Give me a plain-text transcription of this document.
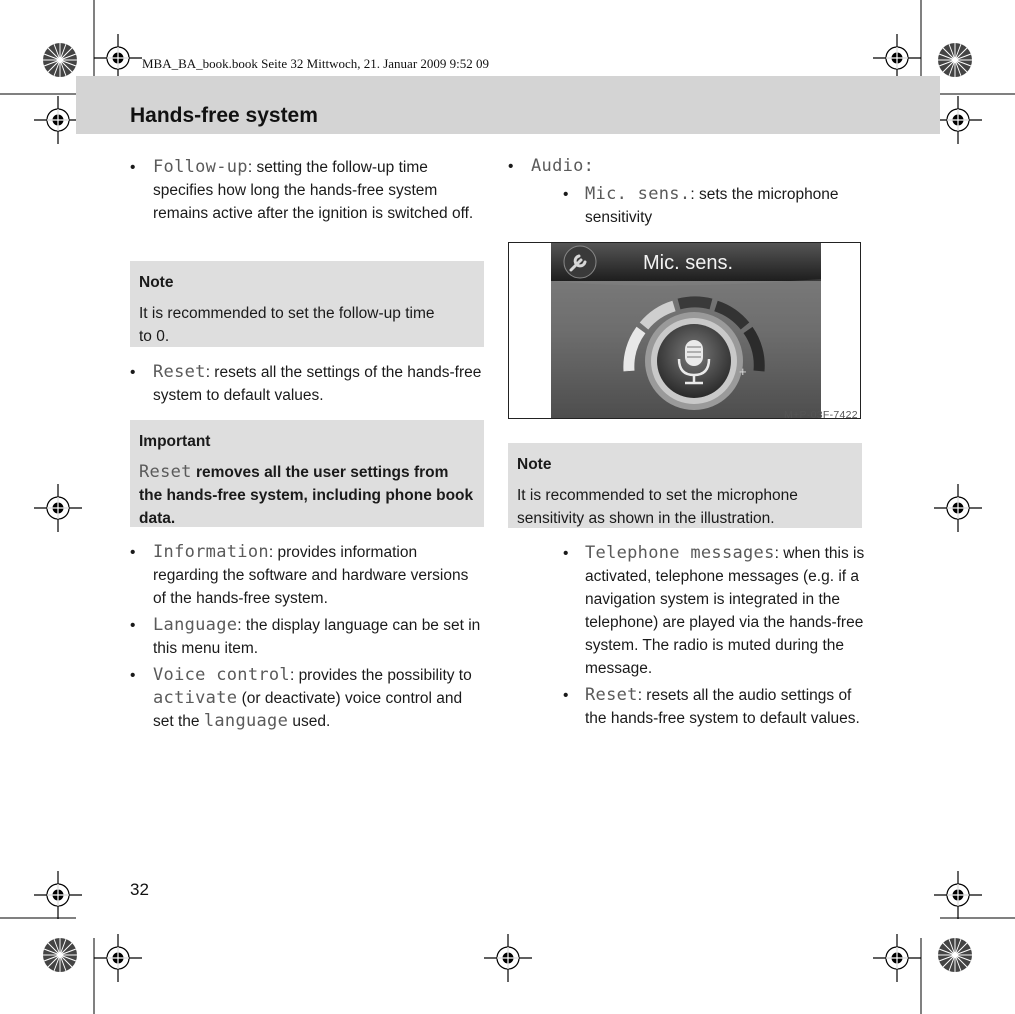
MBA_BA_book.book Seite 32 Mittwoch, 21. Januar 2009 9:52 09
Hands-free system
• Follow-up: setting the follow-up time specifies how long the hands-free system remains active after the ignition is switched off.
Note
It is recommended to set the follow-up time to 0.
• Reset: resets all the settings of the hands-free system to default values.
Important
Reset removes all the user settings from the hands-free system, including phone book data.
• Information: provides information regarding the software and hardware versions of the hands-free system.
• Language: the display language can be set in this menu item.
• Voice control: provides the possibility to activate (or deactivate) voice control and set the language used.
• Audio:
• Mic. sens.: sets the microphone sensitivity
Mic. sens.
-	+
M+P-03F-7422
Note
It is recommended to set the microphone sensitivity as shown in the illustration.
• Telephone messages: when this is activated, telephone messages (e.g. if a navigation system is integrated in the telephone) are played via the hands-free system. The radio is muted during the message.
• Reset: resets all the audio settings of the hands-free system to default values.
32
